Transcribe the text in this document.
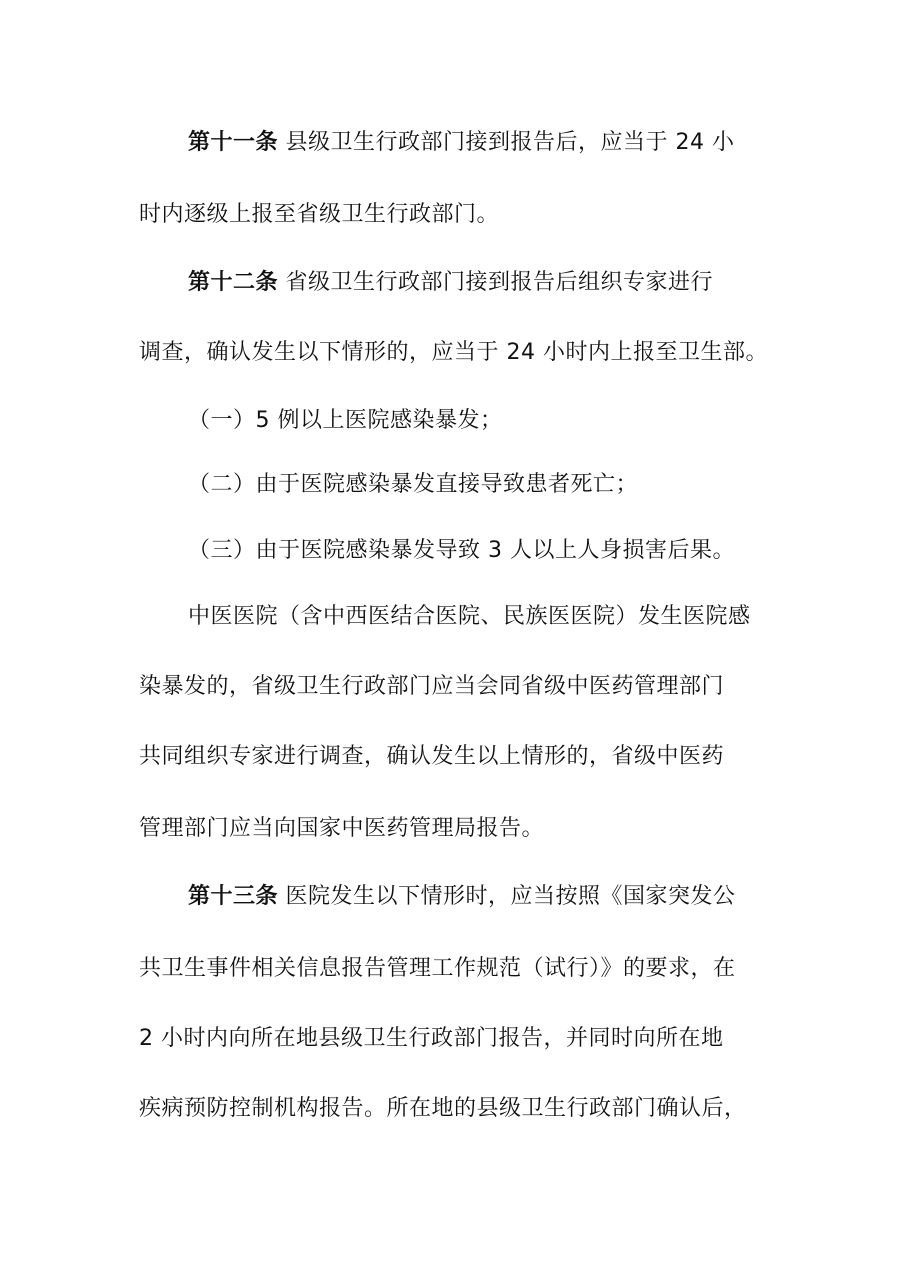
第十一条 县级卫生行政部门接到报告后，应当于 24 小
时内逐级上报至省级卫生行政部门。
第十二条 省级卫生行政部门接到报告后组织专家进行
调查，确认发生以下情形的，应当于 24 小时内上报至卫生部。
（一）5 例以上医院感染暴发；
（二）由于医院感染暴发直接导致患者死亡；
（三）由于医院感染暴发导致 3 人以上人身损害后果。
中医医院（含中西医结合医院、民族医医院）发生医院感
染暴发的，省级卫生行政部门应当会同省级中医药管理部门
共同组织专家进行调查，确认发生以上情形的，省级中医药
管理部门应当向国家中医药管理局报告。
第十三条 医院发生以下情形时，应当按照《国家突发公
共卫生事件相关信息报告管理工作规范（试行）》的要求，在
2 小时内向所在地县级卫生行政部门报告，并同时向所在地
疾病预防控制机构报告。所在地的县级卫生行政部门确认后，
